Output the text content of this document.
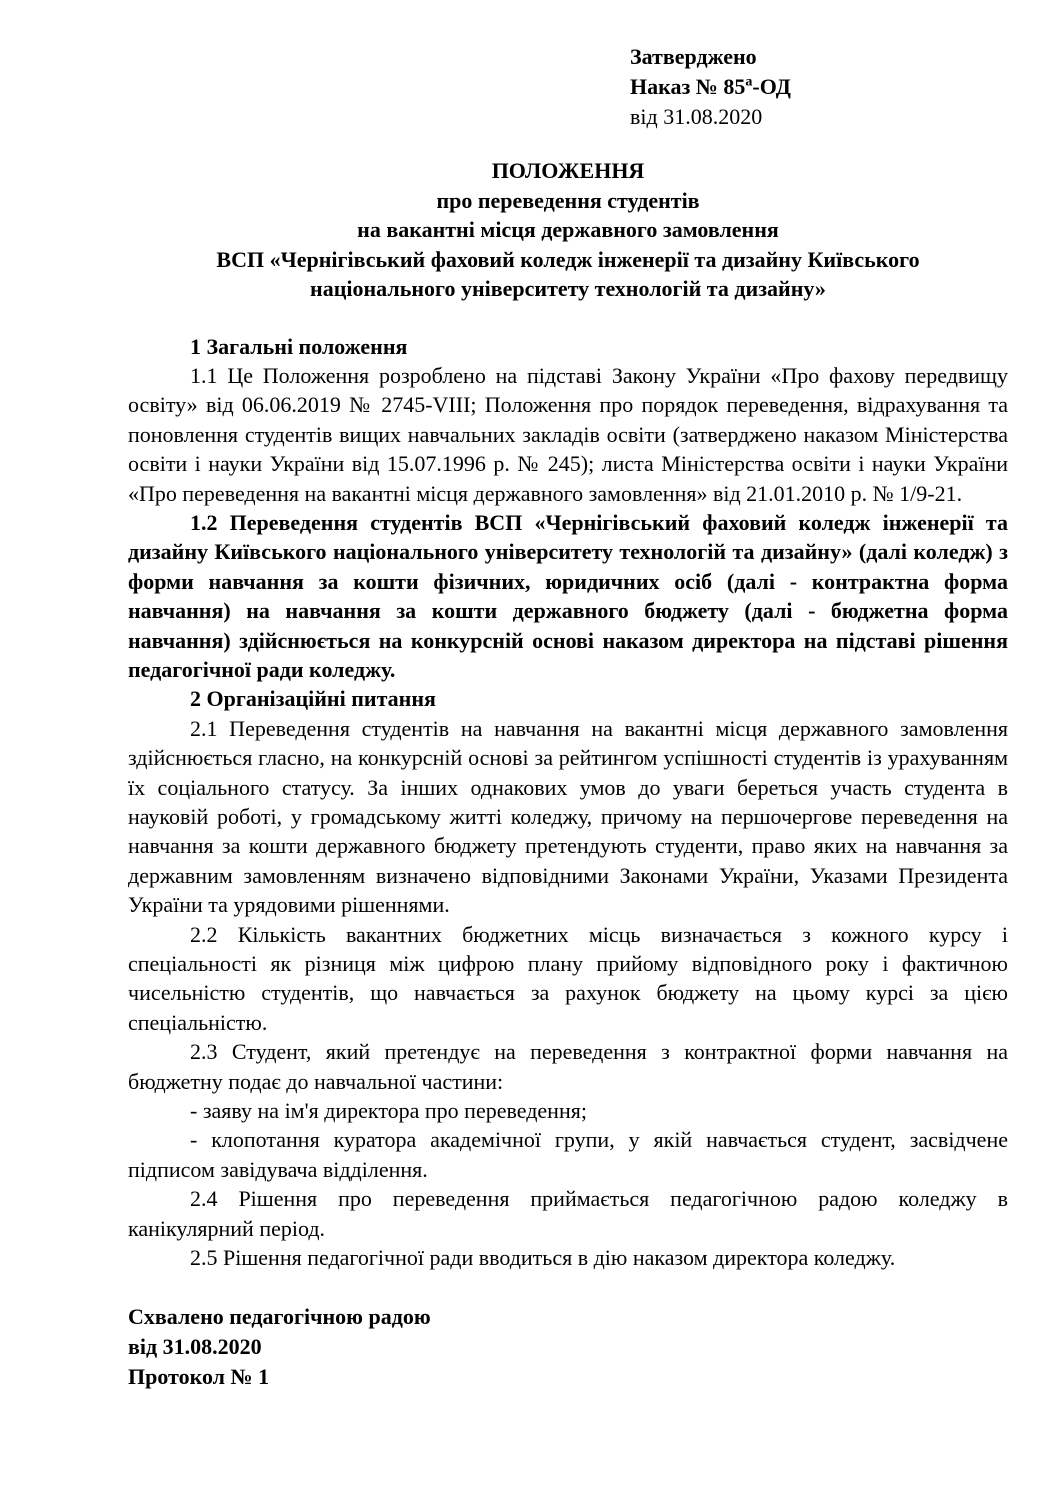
Затверджено

Наказ № $85^а-ОД$

від 31.08.2020

ПОЛОЖЕННЯ

про переведення студентів

на вакантні місця державного замовлення

ВСП «Чернігівський фаховий коледж інженерії та дизайну Київського

національного університету технологій та дизайну»

1 Загальні положення

1.1 Це Положення розроблено на підставі Закону України «Про фахову передвищу освіту» від 06.06.2019 № 2745-VIII; Положення про порядок переведення, відрахування та поновлення студентів вищих навчальних закладів освіти (затверджено наказом Міністерства освіти і науки України від 15.07.1996 р. № 245); листа Міністерства освіти і науки України «Про переведення на вакантні місця державного замовлення» від 21.01.2010 р. № 1/9-21.

1.2 Переведення студентів ВСП «Чернігівський фаховий коледж інженерії та дизайну Київського національного університету технологій та дизайну» (далі коледж) з форми навчання за кошти фізичних, юридичних осіб (далі - контрактна форма навчання) на навчання за кошти державного бюджету (далі - бюджетна форма навчання) здійснюється на конкурсній основі наказом директора на підставі рішення педагогічної ради коледжу.

2 Організаційні питання

2.1 Переведення студентів на навчання на вакантні місця державного замовлення здійснюється гласно, на конкурсній основі за рейтингом успішності студентів із урахуванням їх соціального статусу. За інших однакових умов до уваги береться участь студента в науковій роботі, у громадському житті коледжу, причому на першочергове переведення на навчання за кошти державного бюджету претендують студенти, право яких на навчання за державним замовленням визначено відповідними Законами України, Указами Президента України та урядовими рішеннями.

2.2 Кількість вакантних бюджетних місць визначається з кожного курсу і спеціальності як різниця між цифрою плану прийому відповідного року і фактичною чисельністю студентів, що навчається за рахунок бюджету на цьому курсі за цією спеціальністю.

2.3 Студент, який претендує на переведення з контрактної форми навчання на бюджетну подає до навчальної частини:

- заяву на ім'я директора про переведення;

- клопотання куратора академічної групи, у якій навчається студент, засвідчене підписом завідувача відділення.

2.4 Рішення про переведення приймається педагогічною радою коледжу в канікулярний період.

2.5 Рішення педагогічної ради вводиться в дію наказом директора коледжу.

Схвалено педагогічною радою

від 31.08.2020

Протокол № 1
